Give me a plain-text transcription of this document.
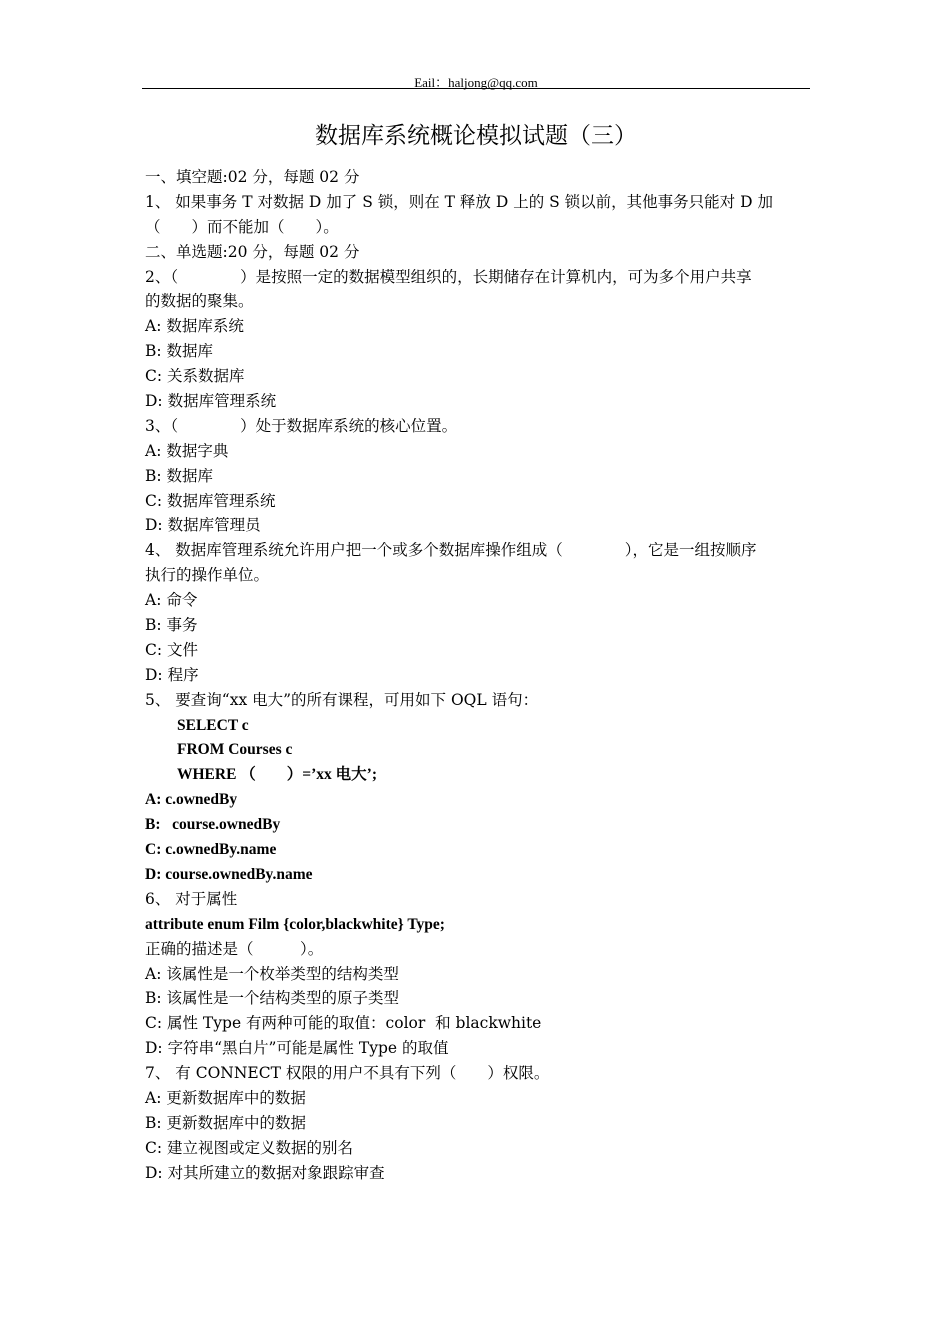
Eail：haljong@qq.com
数据库系统概论模拟试题（三）
一、填空题:02 分，每题 02 分
1、 如果事务 T 对数据 D 加了 S 锁，则在 T 释放 D 上的 S 锁以前，其他事务只能对 D 加
（　　）而不能加（　　）。
二、单选题:20 分，每题 02 分
2、（　　　　）是按照一定的数据模型组织的，长期储存在计算机内，可为多个用户共享
的数据的聚集。
A: 数据库系统
B: 数据库
C: 关系数据库
D: 数据库管理系统
3、（　　　　）处于数据库系统的核心位置。
A: 数据字典
B: 数据库
C: 数据库管理系统
D: 数据库管理员
4、 数据库管理系统允许用户把一个或多个数据库操作组成（　　　　），它是一组按顺序
执行的操作单位。
A: 命令
B: 事务
C: 文件
D: 程序
5、 要查询“xx 电大”的所有课程，可用如下 OQL 语句：
SELECT c
FROM Courses c
WHERE （　　）=’xx 电大’;
A: c.ownedBy
B:   course.ownedBy
C: c.ownedBy.name
D: course.ownedBy.name
6、 对于属性
attribute enum Film {color,blackwhite} Type;
正确的描述是（　　　）。
A: 该属性是一个枚举类型的结构类型
B: 该属性是一个结构类型的原子类型
C: 属性 Type 有两种可能的取值：color  和 blackwhite
D: 字符串“黑白片”可能是属性 Type 的取值
7、 有 CONNECT 权限的用户不具有下列（　　）权限。
A: 更新数据库中的数据
B: 更新数据库中的数据
C: 建立视图或定义数据的别名
D: 对其所建立的数据对象跟踪审查
